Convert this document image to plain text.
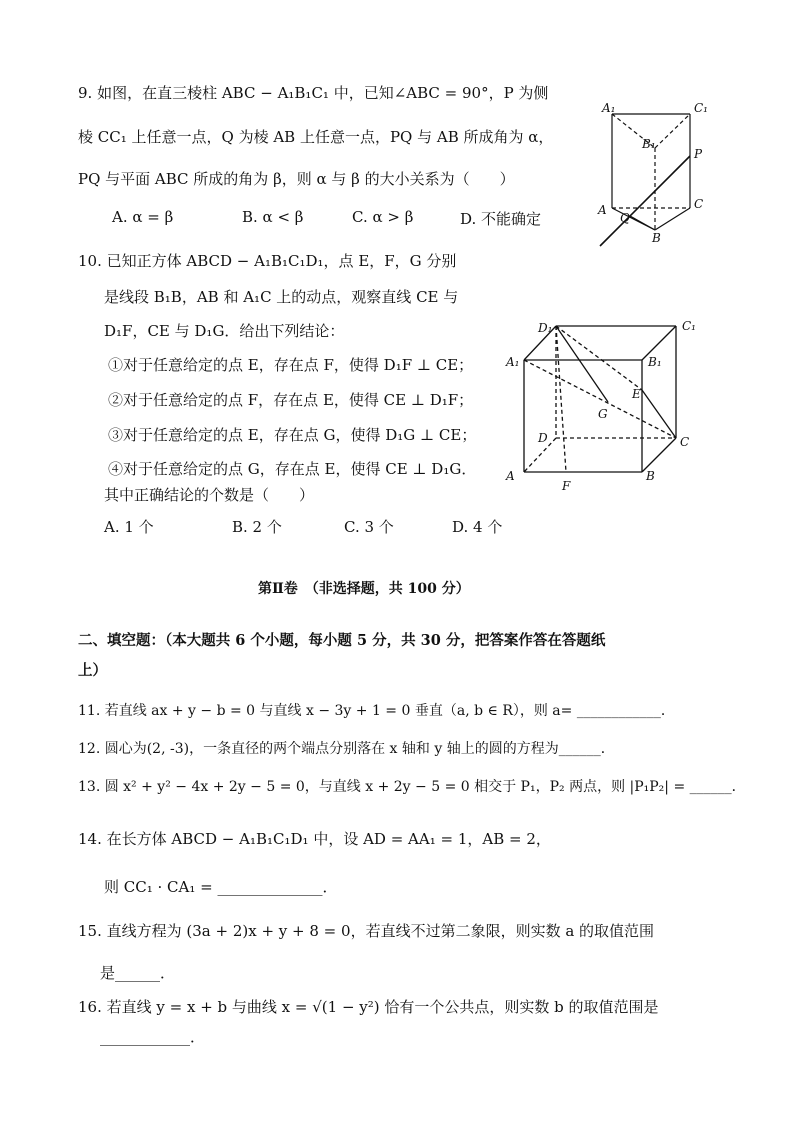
9. 如图，在直三棱柱 ABC − A₁B₁C₁ 中，已知∠ABC = 90°，P 为侧
棱 CC₁ 上任意一点，Q 为棱 AB 上任意一点，PQ 与 AB 所成角为 α，
PQ 与平面 ABC 所成的角为 β，则 α 与 β 的大小关系为（　　）
A. α = β	B. α < β	C. α > β	D. 不能确定
A₁	C₁
B₁
P
A
Q
C
B
10. 已知正方体 ABCD − A₁B₁C₁D₁，点 E，F，G 分别
是线段 B₁B，AB 和 A₁C 上的动点，观察直线 CE 与
D₁F，CE 与 D₁G．给出下列结论：
①对于任意给定的点 E，存在点 F，使得 D₁F ⊥ CE；
②对于任意给定的点 F，存在点 E，使得 CE ⊥ D₁F；
③对于任意给定的点 E，存在点 G，使得 D₁G ⊥ CE；
④对于任意给定的点 G，存在点 E，使得 CE ⊥ D₁G．
其中正确结论的个数是（　　）
A. 1 个	B. 2 个	C. 3 个	D. 4 个
D₁	C₁
A₁	B₁
E
G
D	C
A	B
F
第Ⅱ卷　（非选择题，共 100 分）
二、填空题：（本大题共 6 个小题，每小题 5 分，共 30 分，把答案作答在答题纸
上）
11. 若直线 ax + y − b = 0 与直线 x − 3y + 1 = 0 垂直（a, b ∈ R），则 a= ____________．
12. 圆心为(2, -3)，一条直径的两个端点分别落在 x 轴和 y 轴上的圆的方程为______．
13. 圆 x² + y² − 4x + 2y − 5 = 0，与直线 x + 2y − 5 = 0 相交于 P₁，P₂ 两点，则 |P₁P₂| = ______．
14. 在长方体 ABCD − A₁B₁C₁D₁ 中，设 AD = AA₁ = 1，AB = 2，
则 CC₁ · CA₁ = ______________．
15. 直线方程为 (3a + 2)x + y + 8 = 0，若直线不过第二象限，则实数 a 的取值范围
是______．
16. 若直线 y = x + b 与曲线 x = √(1 − y²) 恰有一个公共点，则实数 b 的取值范围是
____________．
